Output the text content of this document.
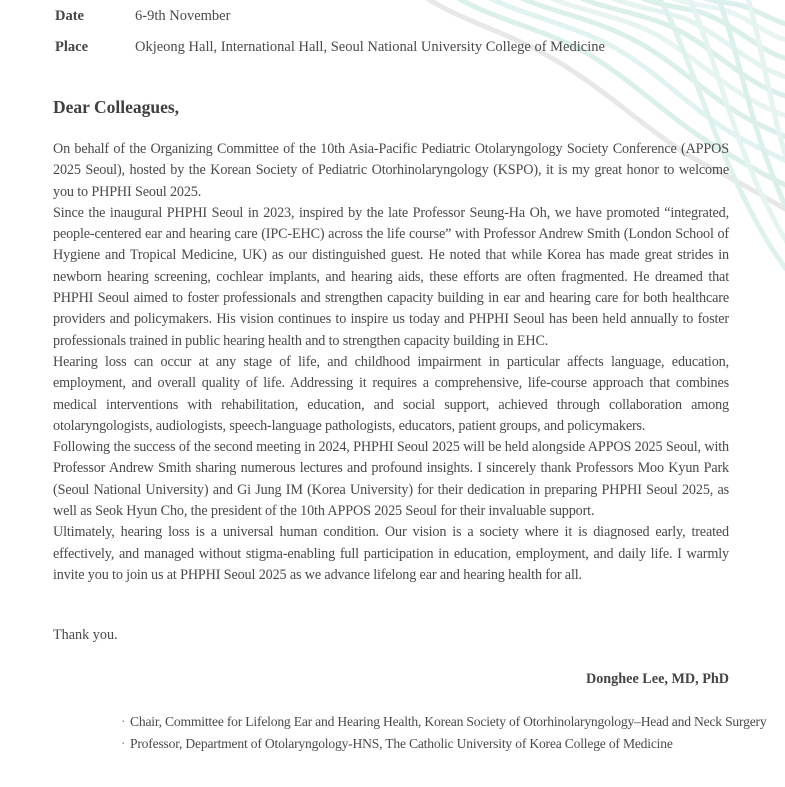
Date	6-9th November
Place	Okjeong Hall, International Hall, Seoul National University College of Medicine
Dear Colleagues,

On behalf of the Organizing Committee of the 10th Asia-Pacific Pediatric Otolaryngology Society Conference (APPOS 2025 Seoul), hosted by the Korean Society of Pediatric Otorhinolaryngology (KSPO), it is my great honor to welcome you to PHPHI Seoul 2025.

Since the inaugural PHPHI Seoul in 2023, inspired by the late Professor Seung-Ha Oh, we have promoted “integrated, people-centered ear and hearing care (IPC-EHC) across the life course” with Professor Andrew Smith (London School of Hygiene and Tropical Medicine, UK) as our distinguished guest. He noted that while Korea has made great strides in newborn hearing screening, cochlear implants, and hearing aids, these efforts are often fragmented. He dreamed that PHPHI Seoul aimed to foster professionals and strengthen capacity building in ear and hearing care for both healthcare providers and policymakers. His vision continues to inspire us today and PHPHI Seoul has been held annually to foster professionals trained in public hearing health and to strengthen capacity building in EHC.

Hearing loss can occur at any stage of life, and childhood impairment in particular affects language, education, employment, and overall quality of life. Addressing it requires a comprehensive, life-course approach that combines medical interventions with rehabilitation, education, and social support, achieved through collaboration among otolaryngologists, audiologists, speech-language pathologists, educators, patient groups, and policymakers.

Following the success of the second meeting in 2024, PHPHI Seoul 2025 will be held alongside APPOS 2025 Seoul, with Professor Andrew Smith sharing numerous lectures and profound insights. I sincerely thank Professors Moo Kyun Park (Seoul National University) and Gi Jung IM (Korea University) for their dedication in preparing PHPHI Seoul 2025, as well as Seok Hyun Cho, the president of the 10th APPOS 2025 Seoul for their invaluable support.

Ultimately, hearing loss is a universal human condition. Our vision is a society where it is diagnosed early, treated effectively, and managed without stigma-enabling full participation in education, employment, and daily life. I warmly invite you to join us at PHPHI Seoul 2025 as we advance lifelong ear and hearing health for all.

Thank you.
Donghee Lee, MD, PhD
· Chair, Committee for Lifelong Ear and Hearing Health, Korean Society of Otorhinolaryngology–Head and Neck Surgery
· Professor, Department of Otolaryngology-HNS, The Catholic University of Korea College of Medicine
